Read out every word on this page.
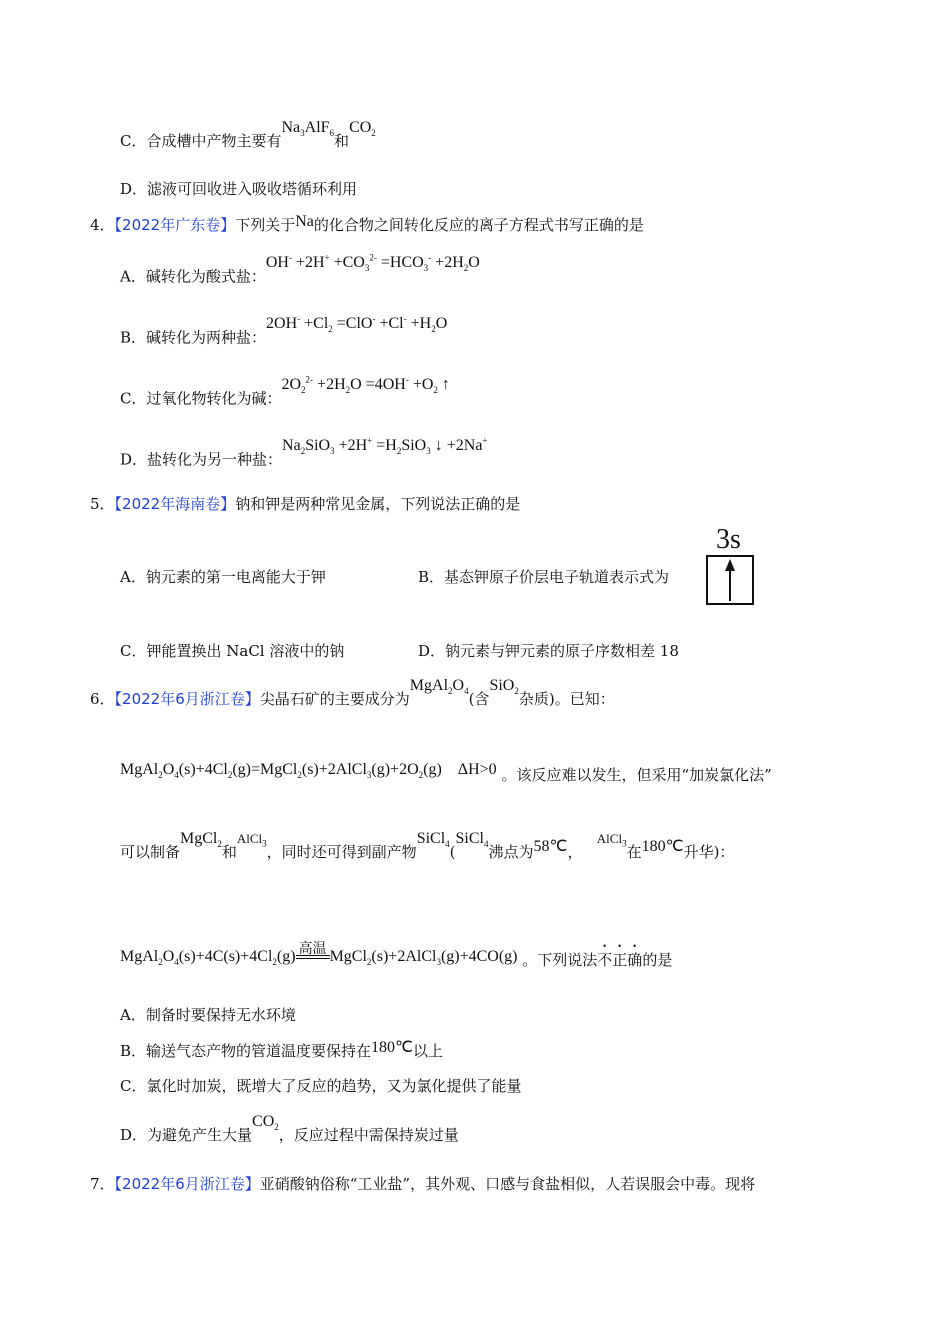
C．合成槽中产物主要有$Na_3AlF_6$和$CO_2$
D．滤液可回收进入吸收塔循环利用
4．【2022年广东卷】下列关于Na的化合物之间转化反应的离子方程式书写正确的是
A．碱转化为酸式盐：$OH^- +2H^+ +CO_3^{2-} =HCO_3^- +2H_2O$
B．碱转化为两种盐：$2OH^- +Cl_2 =ClO^- +Cl^- +H_2O$
C．过氧化物转化为碱：$2O_2^{2-} +2H_2O =4OH^- +O_2$ ↑
D．盐转化为另一种盐：$Na_2SiO_3 +2H^+ =H_2SiO_3$ ↓ +2Na+
5．【2022年海南卷】钠和钾是两种常见金属，下列说法正确的是
A．钠元素的第一电离能大于钾	B．基态钾原子价层电子轨道表示式为
3s
C．钾能置换出 NaCl 溶液中的钠	D．钠元素与钾元素的原子序数相差 18
6．【2022年6月浙江卷】尖晶石矿的主要成分为$MgAl_2O_4$(含SiO$_2$杂质)。已知：
$MgAl_2O_4(s)+4Cl_2(g)=MgCl_2(s)+2AlCl_3(g)+2O_2(g)$    ΔH>0 。该反应难以发生，但采用“加炭氯化法”
可以制备MgCl$_2$和AlCl$_3$，同时还可得到副产物SiCl$_4$(SiCl$_4$沸点为58℃，   AlCl$_3$在180℃升华)：
$MgAl_2O_4(s)+4C(s)+4Cl_2(g)$ 高温 MgCl$_2$(s)+2AlCl$_3$(g)+4CO(g) 。下列说法不正确的是
A．制备时要保持无水环境
B．输送气态产物的管道温度要保持在180℃以上
C．氯化时加炭，既增大了反应的趋势，又为氯化提供了能量
D．为避免产生大量$CO_2$，反应过程中需保持炭过量
7．【2022年6月浙江卷】亚硝酸钠俗称“工业盐”，其外观、口感与食盐相似，人若误服会中毒。现将
